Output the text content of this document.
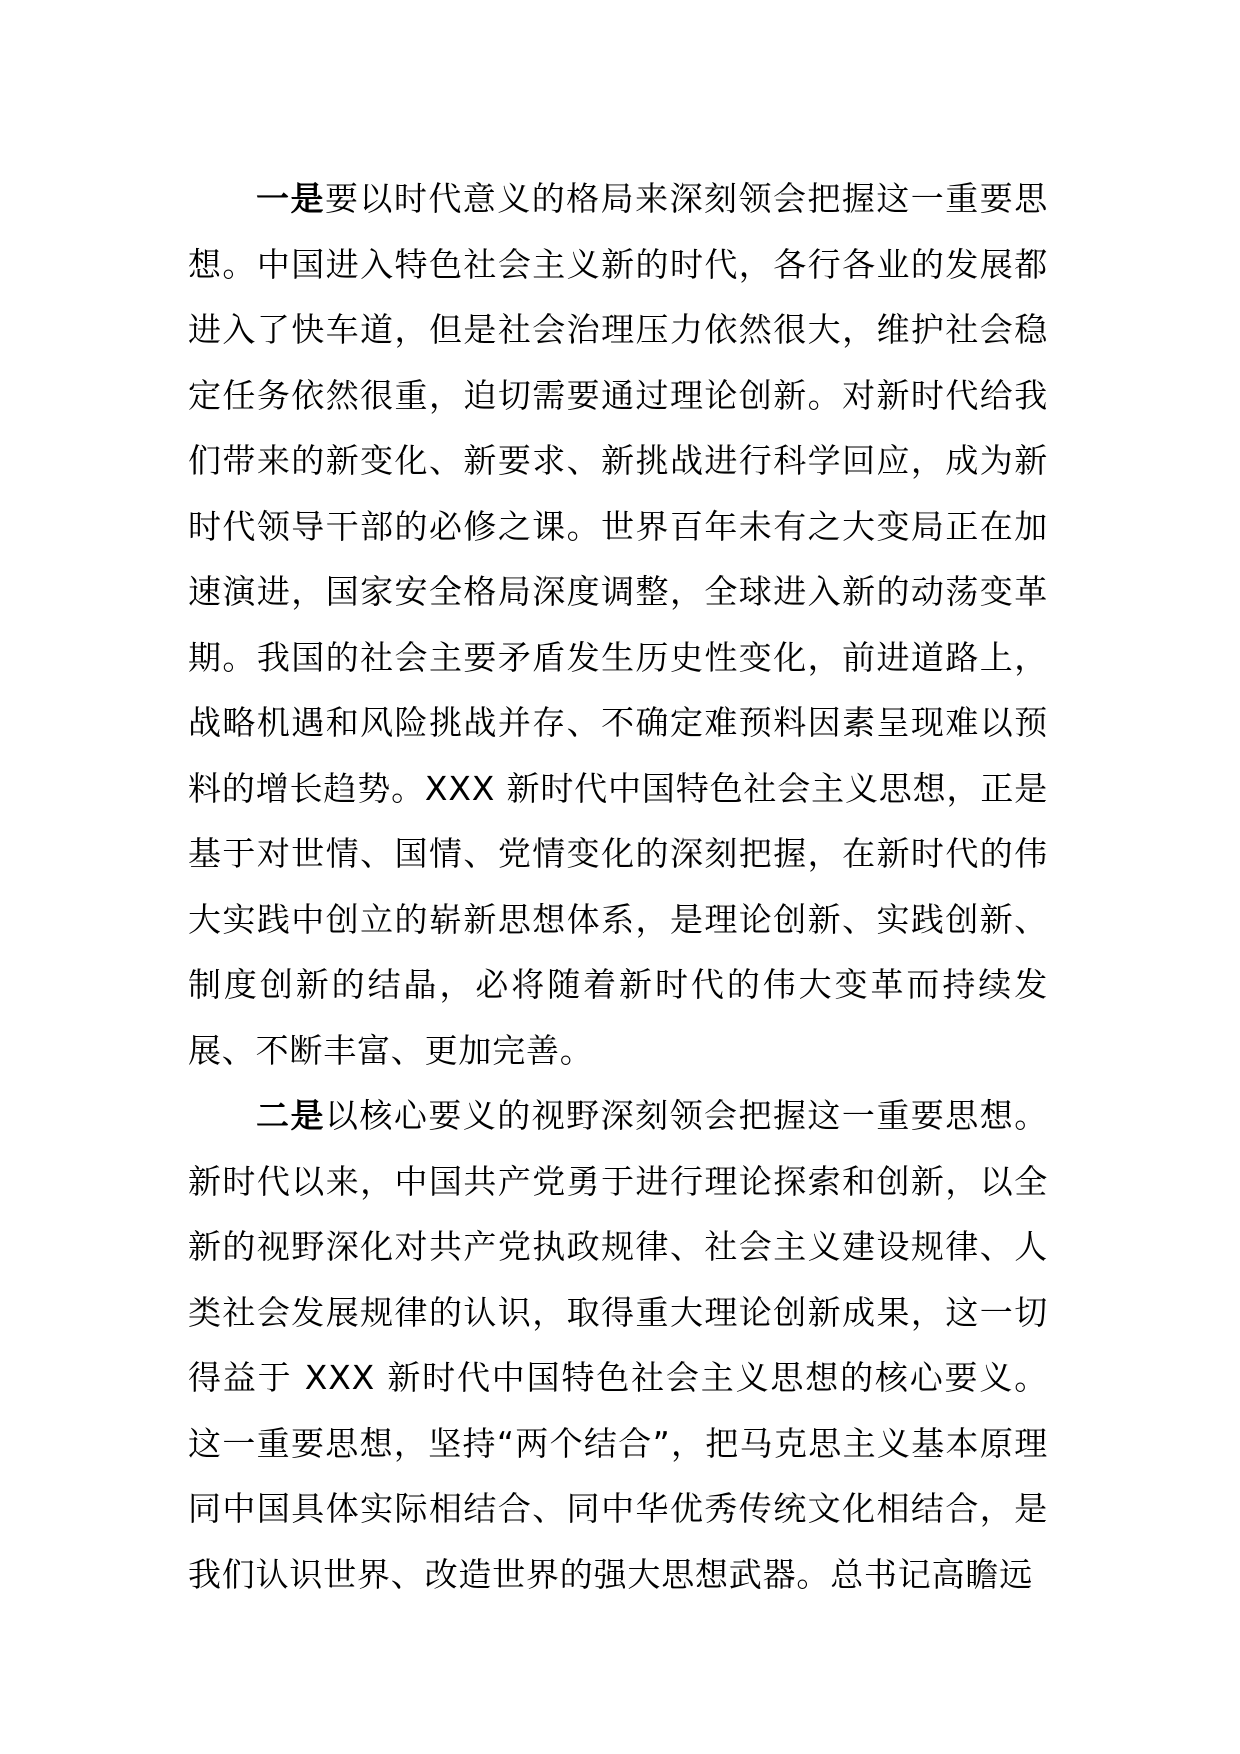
一是要以时代意义的格局来深刻领会把握这一重要思想。中国进入特色社会主义新的时代，各行各业的发展都进入了快车道，但是社会治理压力依然很大，维护社会稳定任务依然很重，迫切需要通过理论创新。对新时代给我们带来的新变化、新要求、新挑战进行科学回应，成为新时代领导干部的必修之课。世界百年未有之大变局正在加速演进，国家安全格局深度调整，全球进入新的动荡变革期。我国的社会主要矛盾发生历史性变化，前进道路上，战略机遇和风险挑战并存、不确定难预料因素呈现难以预料的增长趋势。XXX 新时代中国特色社会主义思想，正是基于对世情、国情、党情变化的深刻把握，在新时代的伟大实践中创立的崭新思想体系，是理论创新、实践创新、制度创新的结晶，必将随着新时代的伟大变革而持续发展、不断丰富、更加完善。

二是以核心要义的视野深刻领会把握这一重要思想。新时代以来，中国共产党勇于进行理论探索和创新，以全新的视野深化对共产党执政规律、社会主义建设规律、人类社会发展规律的认识，取得重大理论创新成果，这一切得益于 XXX 新时代中国特色社会主义思想的核心要义。这一重要思想，坚持“两个结合”，把马克思主义基本原理同中国具体实际相结合、同中华优秀传统文化相结合，是我们认识世界、改造世界的强大思想武器。总书记高瞻远
